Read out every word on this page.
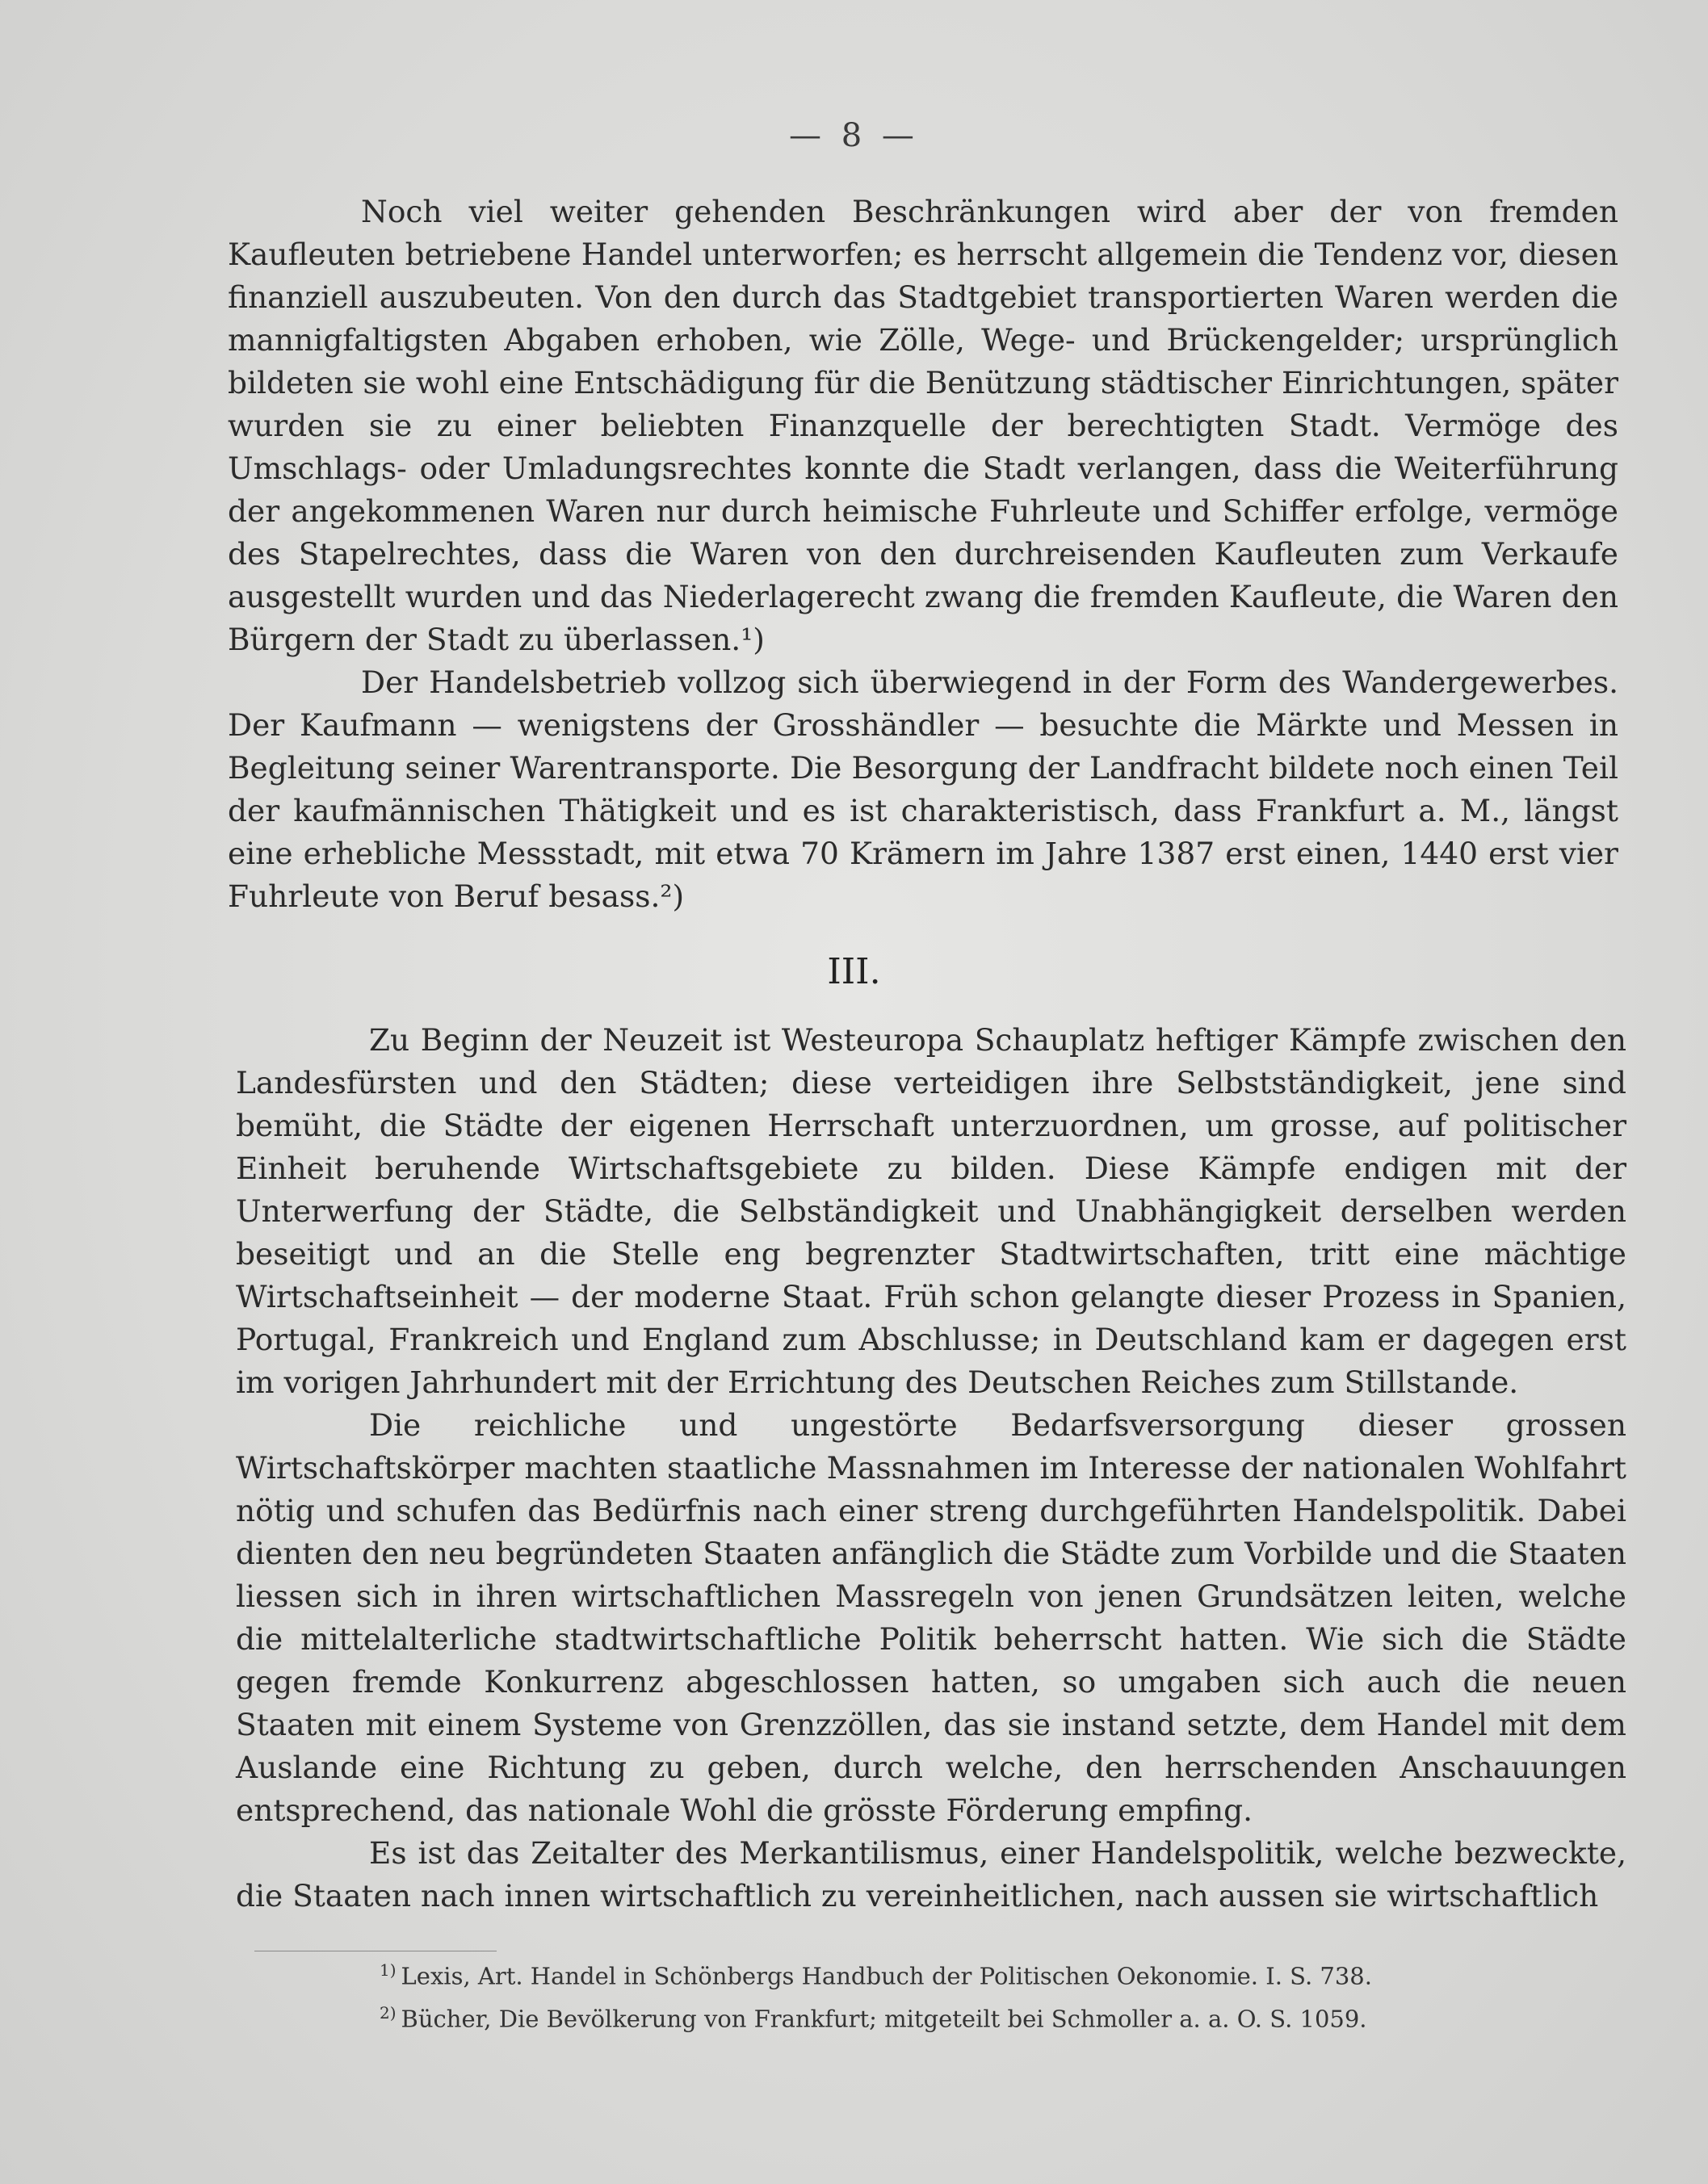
— 8 —

Noch viel weiter gehenden Beschränkungen wird aber der von fremden Kaufleuten betriebene Handel unterworfen; es herrscht allgemein die Tendenz vor, diesen finanziell auszubeuten. Von den durch das Stadtgebiet transportierten Waren werden die mannigfaltigsten Abgaben erhoben, wie Zölle, Wege- und Brückengelder; ursprünglich bildeten sie wohl eine Entschädigung für die Benützung städtischer Einrichtungen, später wurden sie zu einer beliebten Finanzquelle der berechtigten Stadt. Vermöge des Umschlags- oder Umladungsrechtes konnte die Stadt verlangen, dass die Weiterführung der angekommenen Waren nur durch heimische Fuhrleute und Schiffer erfolge, vermöge des Stapelrechtes, dass die Waren von den durchreisenden Kaufleuten zum Verkaufe ausgestellt wurden und das Niederlagerecht zwang die fremden Kaufleute, die Waren den Bürgern der Stadt zu überlassen.¹)

Der Handelsbetrieb vollzog sich überwiegend in der Form des Wandergewerbes. Der Kaufmann — wenigstens der Grosshändler — besuchte die Märkte und Messen in Begleitung seiner Warentransporte. Die Besorgung der Landfracht bildete noch einen Teil der kaufmännischen Thätigkeit und es ist charakteristisch, dass Frankfurt a. M., längst eine erhebliche Messstadt, mit etwa 70 Krämern im Jahre 1387 erst einen, 1440 erst vier Fuhrleute von Beruf besass.²)

III.

Zu Beginn der Neuzeit ist Westeuropa Schauplatz heftiger Kämpfe zwischen den Landesfürsten und den Städten; diese verteidigen ihre Selbstständigkeit, jene sind bemüht, die Städte der eigenen Herrschaft unterzuordnen, um grosse, auf politischer Einheit beruhende Wirtschaftsgebiete zu bilden. Diese Kämpfe endigen mit der Unterwerfung der Städte, die Selbständigkeit und Unabhängigkeit derselben werden beseitigt und an die Stelle eng begrenzter Stadtwirtschaften, tritt eine mächtige Wirtschaftseinheit — der moderne Staat. Früh schon gelangte dieser Prozess in Spanien, Portugal, Frankreich und England zum Abschlusse; in Deutschland kam er dagegen erst im vorigen Jahrhundert mit der Errichtung des Deutschen Reiches zum Stillstande.

Die reichliche und ungestörte Bedarfsversorgung dieser grossen Wirtschaftskörper machten staatliche Massnahmen im Interesse der nationalen Wohlfahrt nötig und schufen das Bedürfnis nach einer streng durchgeführten Handelspolitik. Dabei dienten den neu begründeten Staaten anfänglich die Städte zum Vorbilde und die Staaten liessen sich in ihren wirtschaftlichen Massregeln von jenen Grundsätzen leiten, welche die mittelalterliche stadtwirtschaftliche Politik beherrscht hatten. Wie sich die Städte gegen fremde Konkurrenz abgeschlossen hatten, so umgaben sich auch die neuen Staaten mit einem Systeme von Grenzzöllen, das sie instand setzte, dem Handel mit dem Auslande eine Richtung zu geben, durch welche, den herrschenden Anschauungen entsprechend, das nationale Wohl die grösste Förderung empfing.

Es ist das Zeitalter des Merkantilismus, einer Handelspolitik, welche bezweckte, die Staaten nach innen wirtschaftlich zu vereinheitlichen, nach aussen sie wirtschaftlich

$^{1)}$ Lexis, Art. Handel in Schönbergs Handbuch der Politischen Oekonomie. I. S. 738.
$^{2)}$ Bücher, Die Bevölkerung von Frankfurt; mitgeteilt bei Schmoller a. a. O. S. 1059.
